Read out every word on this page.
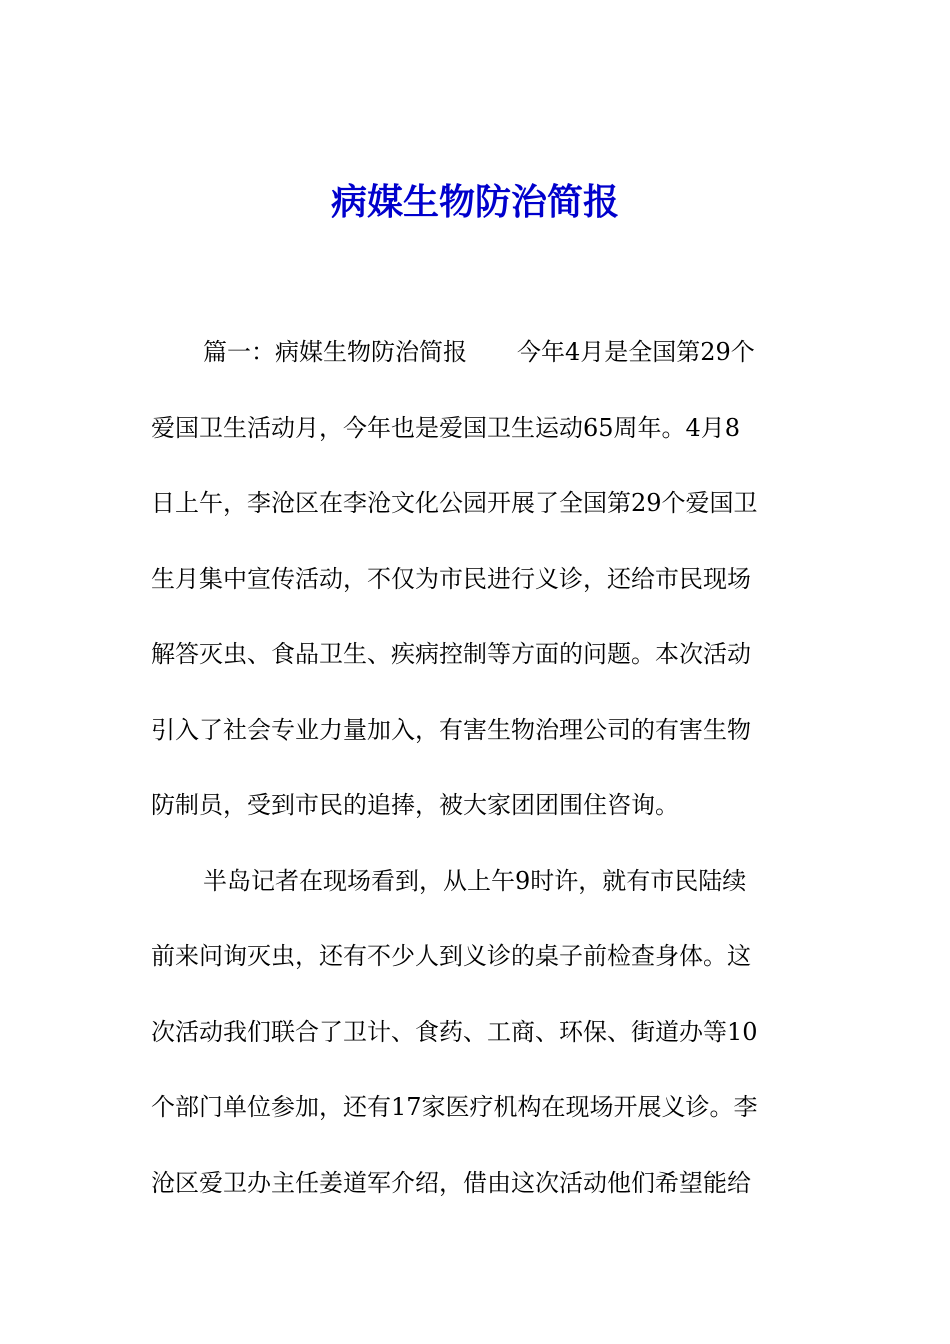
病媒生物防治简报

篇一：病媒生物防治简报 今年4月是全国第29个

爱国卫生活动月，今年也是爱国卫生运动65周年。4月8

日上午，李沧区在李沧文化公园开展了全国第29个爱国卫

生月集中宣传活动，不仅为市民进行义诊，还给市民现场

解答灭虫、食品卫生、疾病控制等方面的问题。本次活动

引入了社会专业力量加入，有害生物治理公司的有害生物

防制员，受到市民的追捧，被大家团团围住咨询。

半岛记者在现场看到，从上午9时许，就有市民陆续

前来问询灭虫，还有不少人到义诊的桌子前检查身体。这

次活动我们联合了卫计、食药、工商、环保、街道办等10

个部门单位参加，还有17家医疗机构在现场开展义诊。李

沧区爱卫办主任姜道军介绍，借由这次活动他们希望能给
